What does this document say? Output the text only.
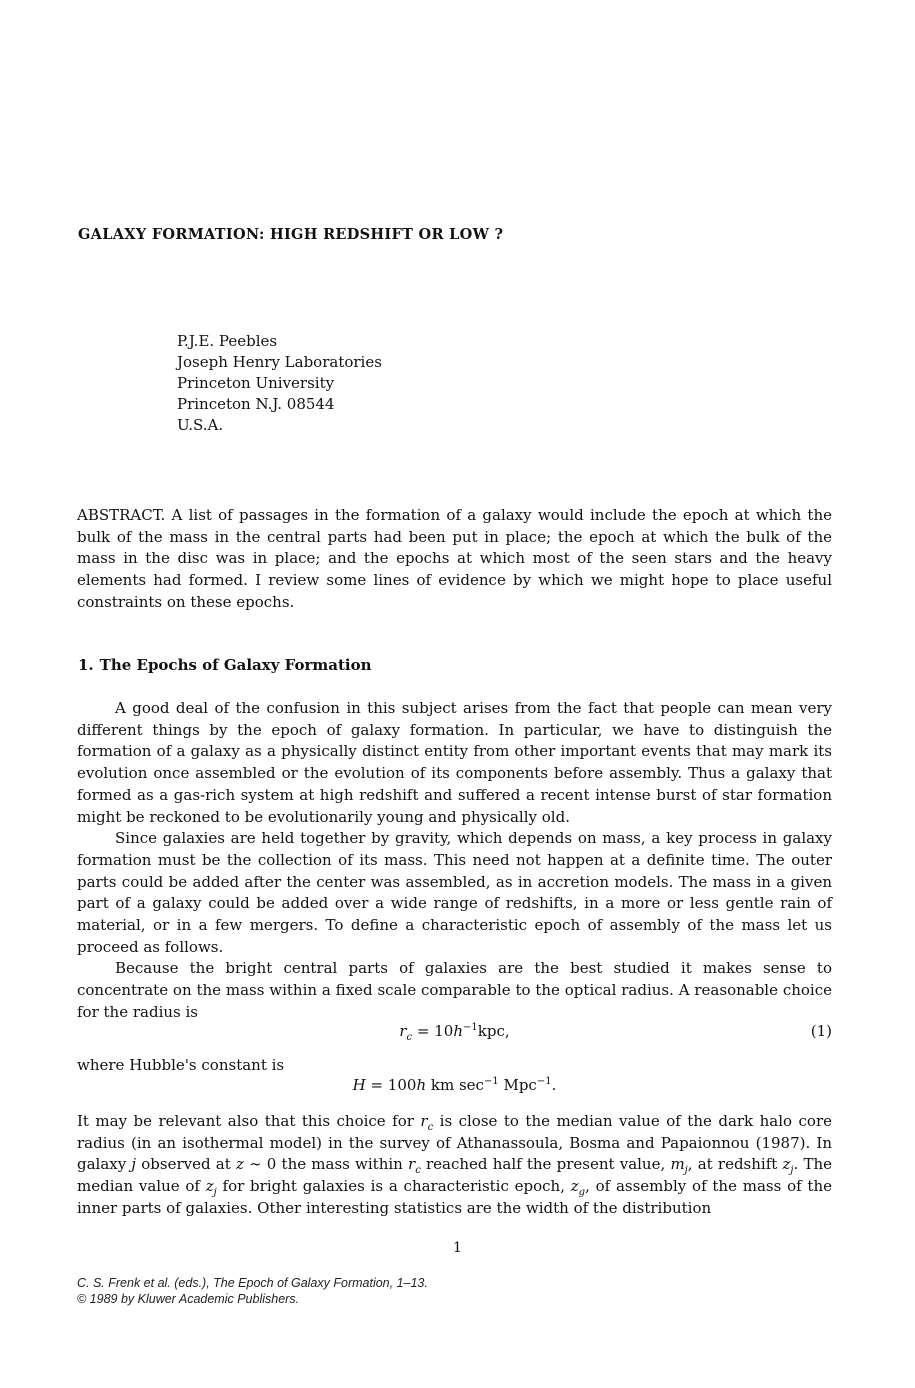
GALAXY FORMATION: HIGH REDSHIFT OR LOW ?
P.J.E. Peebles
Joseph Henry Laboratories
Princeton University
Princeton N.J. 08544
U.S.A.

ABSTRACT. A list of passages in the formation of a galaxy would include the epoch at which the bulk of the mass in the central parts had been put in place; the epoch at which the bulk of the mass in the disc was in place; and the epochs at which most of the seen stars and the heavy elements had formed. I review some lines of evidence by which we might hope to place useful constraints on these epochs.

1. The Epochs of Galaxy Formation

A good deal of the confusion in this subject arises from the fact that people can mean very different things by the epoch of galaxy formation. In particular, we have to distinguish the formation of a galaxy as a physically distinct entity from other important events that may mark its evolution once assembled or the evolution of its components before assembly. Thus a galaxy that formed as a gas-rich system at high redshift and suffered a recent intense burst of star formation might be reckoned to be evolutionarily young and physically old.

Since galaxies are held together by gravity, which depends on mass, a key process in galaxy formation must be the collection of its mass. This need not happen at a definite time. The outer parts could be added after the center was assembled, as in accretion models. The mass in a given part of a galaxy could be added over a wide range of redshifts, in a more or less gentle rain of material, or in a few mergers. To define a characteristic epoch of assembly of the mass let us proceed as follows.

Because the bright central parts of galaxies are the best studied it makes sense to concentrate on the mass within a fixed scale comparable to the optical radius. A reasonable choice for the radius is

$r_c = 10h^{-1}kpc$,	(1)
where Hubble's constant is
H = 100h km $\sec^{-1} Mpc^{-1}$.

It may be relevant also that this choice for $r_c$ is close to the median value of the dark halo core radius (in an isothermal model) in the survey of Athanassoula, Bosma and Papaionnou (1987). In galaxy j observed at z ∼ 0 the mass within $r_c$ reached half the present value, $m_j$, at redshift $z_j$. The median value of $z_j$ for bright galaxies is a characteristic epoch, $z_g$, of assembly of the mass of the inner parts of galaxies. Other interesting statistics are the width of the distribution

1
C. S. Frenk et al. (eds.), The Epoch of Galaxy Formation, 1–13.
© 1989 by Kluwer Academic Publishers.
